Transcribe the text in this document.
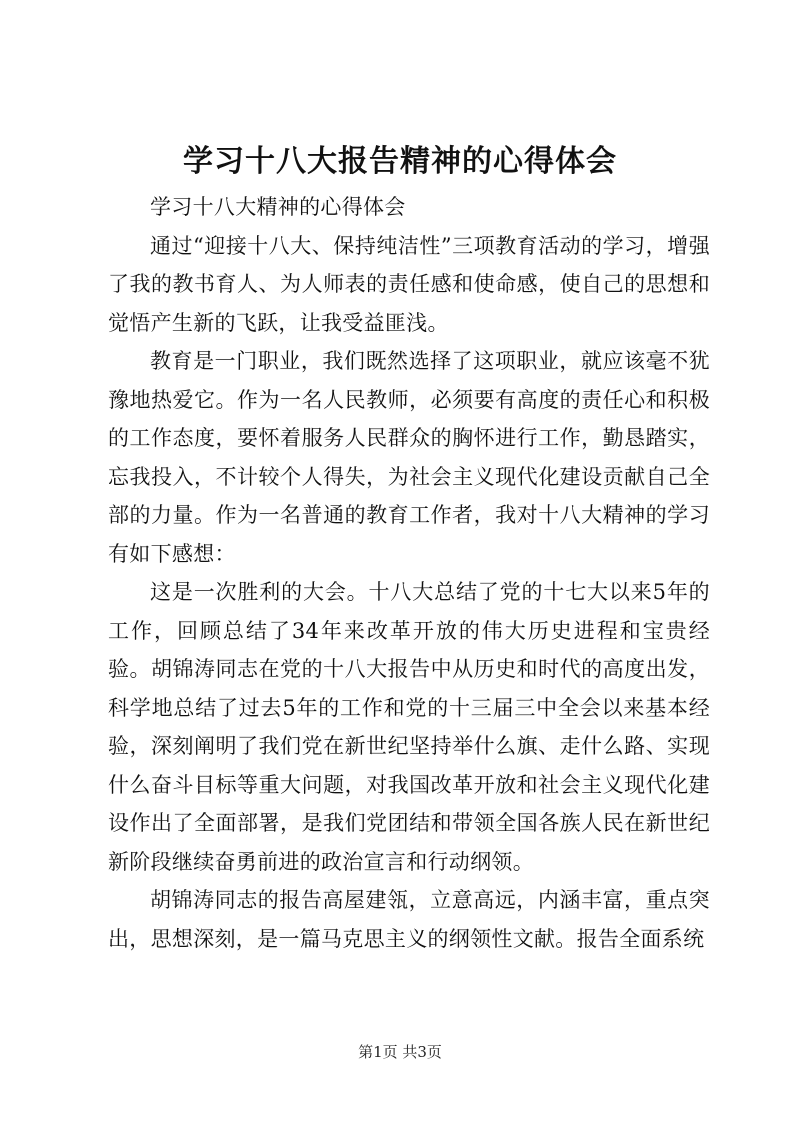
学习十八大报告精神的心得体会

学习十八大精神的心得体会

通过“迎接十八大、保持纯洁性”三项教育活动的学习，增强了我的教书育人、为人师表的责任感和使命感，使自己的思想和觉悟产生新的飞跃，让我受益匪浅。

教育是一门职业，我们既然选择了这项职业，就应该毫不犹豫地热爱它。作为一名人民教师，必须要有高度的责任心和积极的工作态度，要怀着服务人民群众的胸怀进行工作，勤恳踏实，忘我投入，不计较个人得失，为社会主义现代化建设贡献自己全部的力量。作为一名普通的教育工作者，我对十八大精神的学习有如下感想：

这是一次胜利的大会。十八大总结了党的十七大以来5年的工作，回顾总结了34年来改革开放的伟大历史进程和宝贵经验。胡锦涛同志在党的十八大报告中从历史和时代的高度出发，科学地总结了过去5年的工作和党的十三届三中全会以来基本经验，深刻阐明了我们党在新世纪坚持举什么旗、走什么路、实现什么奋斗目标等重大问题，对我国改革开放和社会主义现代化建设作出了全面部署，是我们党团结和带领全国各族人民在新世纪新阶段继续奋勇前进的政治宣言和行动纲领。

胡锦涛同志的报告高屋建瓴，立意高远，内涵丰富，重点突出，思想深刻，是一篇马克思主义的纲领性文献。报告全面系统

第1页 共3页
